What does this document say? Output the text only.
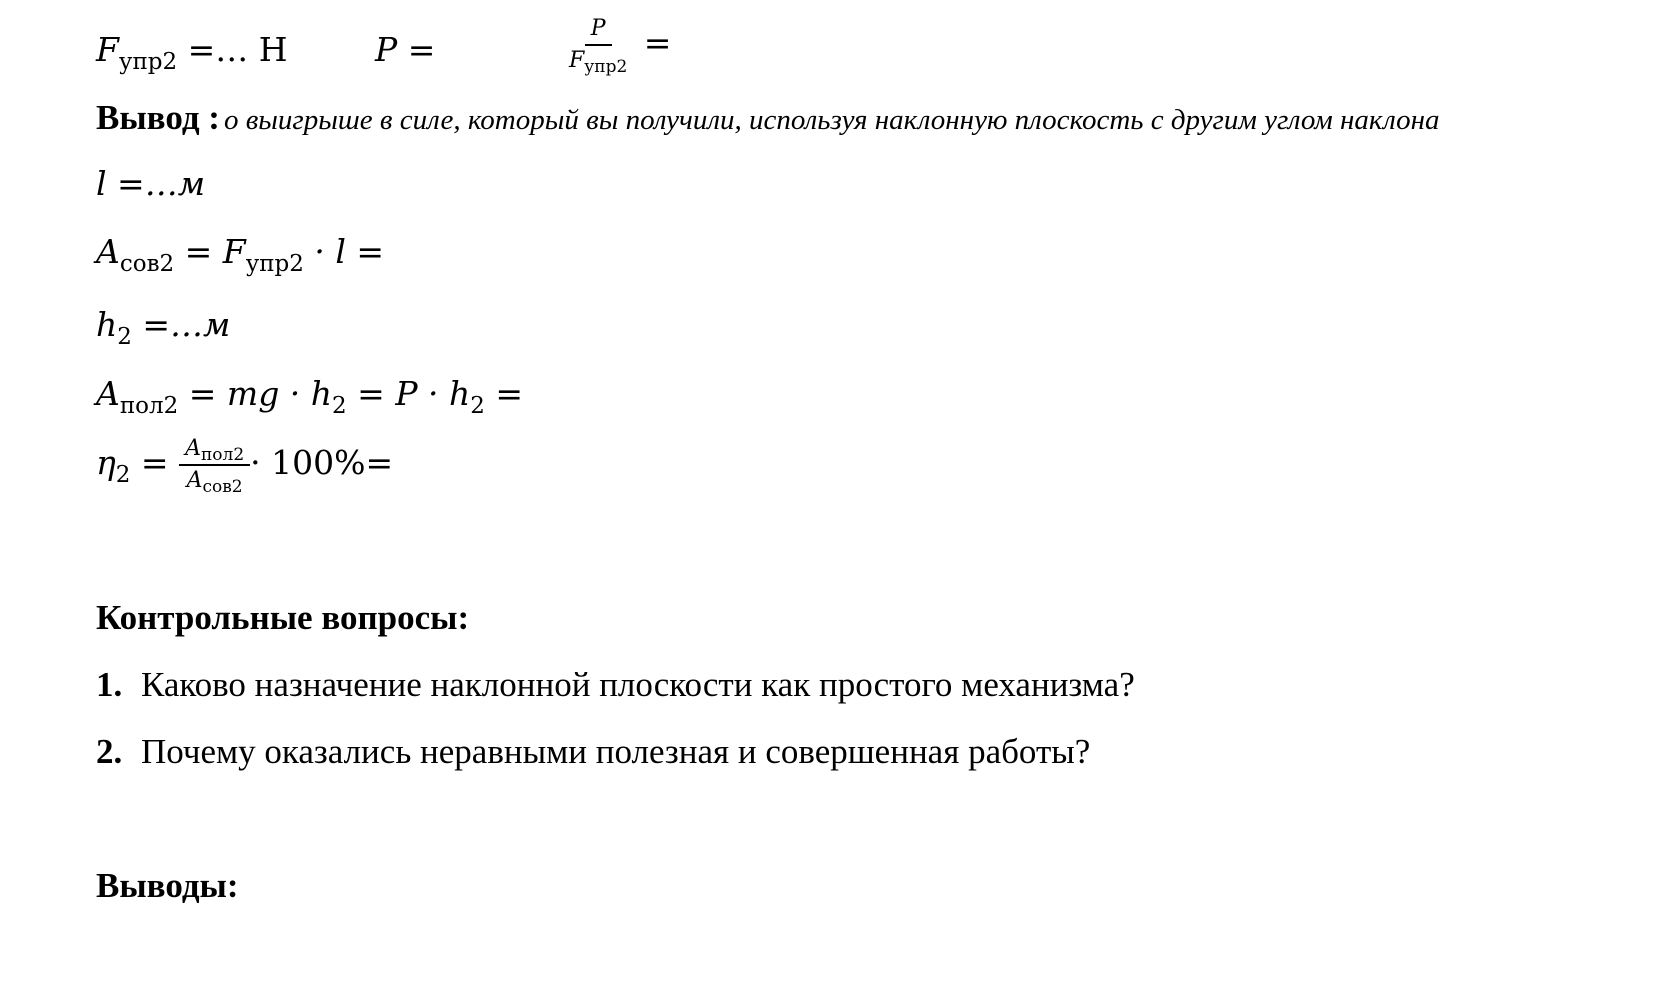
$F_{упр2}$ =… Н	P =	$\frac{P}{F_{упр2}}$ =
Вывод : о выигрыше в силе, который вы получили, используя наклонную плоскость с другим углом наклона
l =…м
$A_{сов2} = F_{упр2} \cdot l$ =
$h_2$ =…м
$A_{пол2}$ = mg · $h_2 = P \cdot h_2$ =
$\eta_2 = \frac{A_{пол2}}{A_{сов2}} \cdot 100\%=$
Контрольные вопросы:
1. Каково назначение наклонной плоскости как простого механизма?
2. Почему оказались неравными полезная и совершенная работы?
Выводы:
